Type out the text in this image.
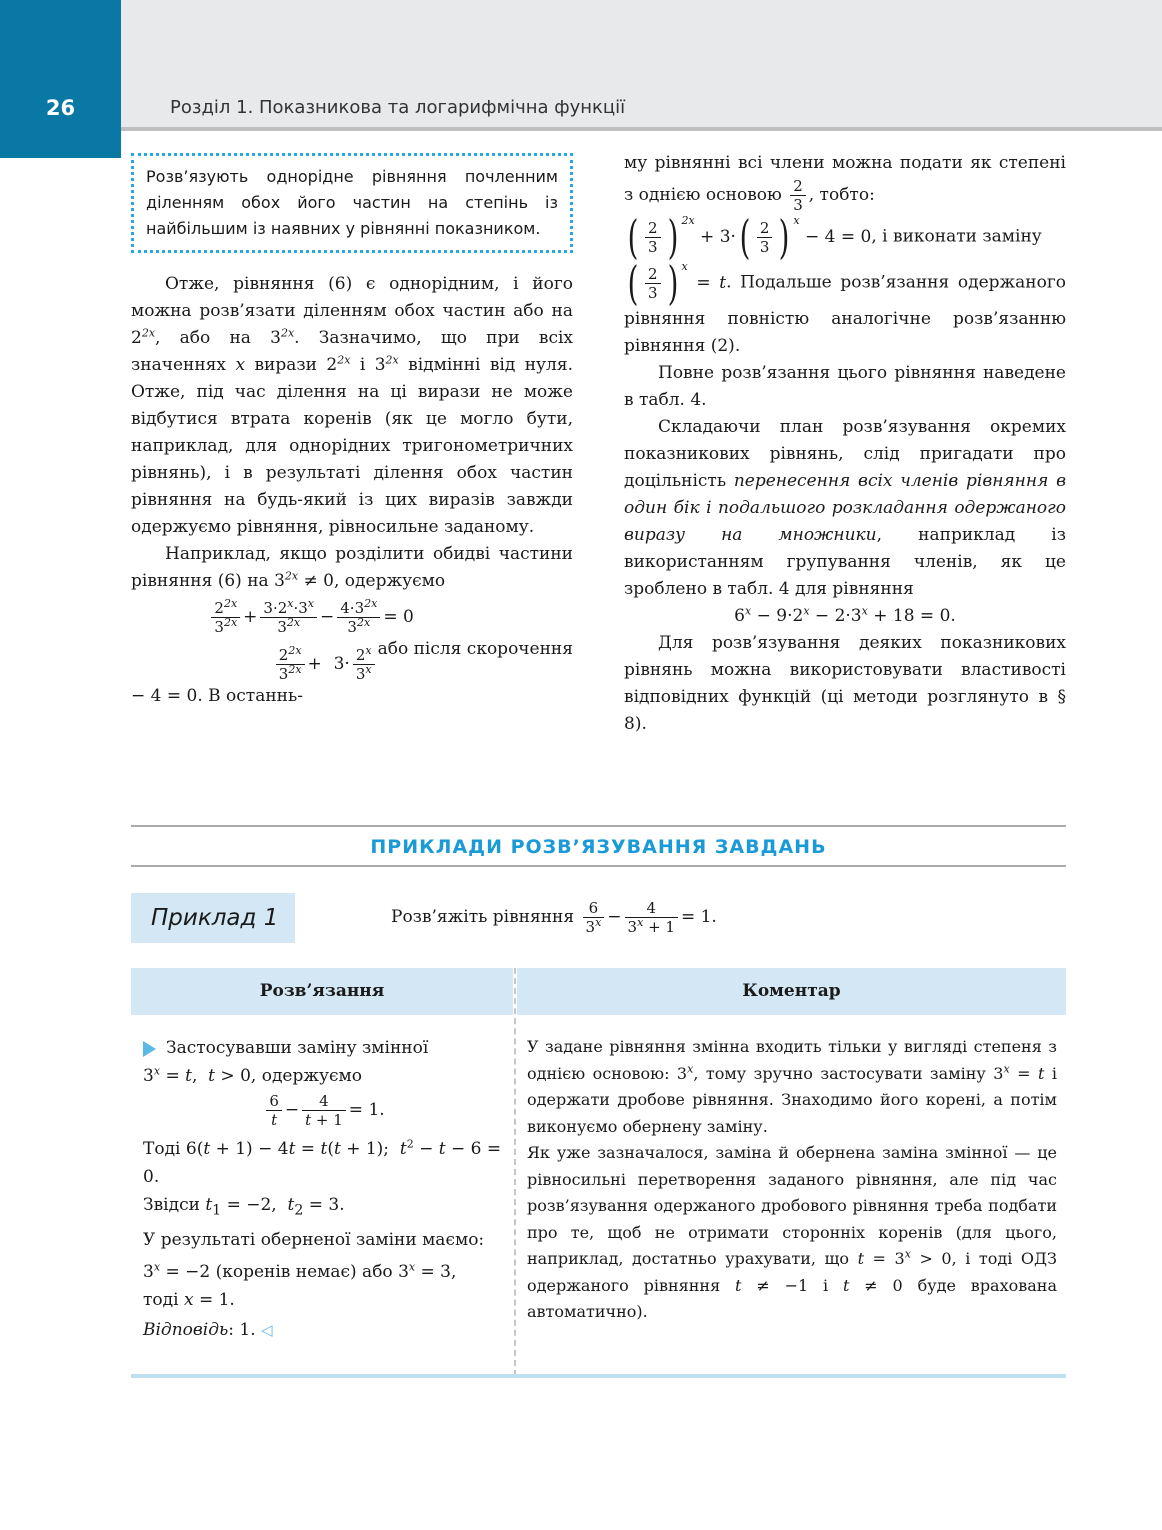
26	Розділ 1. Показникова та логарифмічна функції
Розв’язують однорідне рівняння почленним діленням обох його частин на степінь із найбільшим із наявних у рівнянні показником.

Отже, рівняння (6) є однорідним, і його можна розв’язати діленням обох частин або на $2^{2x}$, або на $3^{2x}$. Зазначимо, що при всіх значеннях x вирази $2^{2x}$ і $3^{2x}$ відмінні від нуля. Отже, під час ділення на ці вирази не може відбутися втрата коренів (як це могло бути, наприклад, для однорідних тригонометричних рівнянь), і в результаті ділення обох частин рівняння на будь-який із цих виразів завжди одержуємо рівняння, рівносильне заданому.

Наприклад, якщо розділити обидві частини рівняння (6) на $3^{2x} \ne 0$, одержуємо

$\frac{2^{2x}}{3^{2x}} + \frac{3\cdot 2^x\cdot 3^x}{3^{2x}} - \frac{4\cdot 3^{2x}}{3^{2x}} = 0$
або після скорочення

$\frac{2^{2x}}{3^{2x}} + 3\cdot \frac{2^x}{3^x}$
− 4 = 0. В останнь-

му рівнянні всі члени можна подати як степені з однією основою $\frac{2}{3}$ , тобто:
( $\frac{2}{3}$ ) $^{2x} + 3\cdot( \frac{2}{3}$ ) $^x$ − 4 = 0, і виконати заміну
( $\frac{2}{3}$ ) $^x$ = t. Подальше розв’язання одержаного рівняння повністю аналогічне розв’язанню рівняння (2).

Повне розв’язання цього рівняння наведене в табл. 4.

Складаючи план розв’язування окремих показникових рівнянь, слід пригадати про доцільність перенесення всіх членів рівняння в один бік і подальшого розкладання одержаного виразу на множники, наприклад із використанням групування членів, як це зроблено в табл. 4 для рівняння

$6^x - 9\cdot 2^x - 2\cdot 3^x + 18 = 0$.

Для розв’язування деяких показникових рівнянь можна використовувати властивості відповідних функцій (ці методи розглянуто в § 8).

ПРИКЛАДИ РОЗВ’ЯЗУВАННЯ ЗАВДАНЬ
Приклад 1	Розв’яжіть рівняння $\frac{6}{3^x} - \frac{4}{3^x + 1} = 1$.
Розв’язання	Коментар

Застосувавши заміну змінної

$3^x = t$,  t > 0, одержуємо

$\frac{6}{t} - \frac{4}{t + 1} = 1$.

Тоді 6(t + 1) − 4t = t(t + 1);  $t^2 - t - 6 = 0$.

Звідси $t_1 = -2$,  $t_2 = 3$.

У результаті оберненої заміни маємо:

$3^x = -2$ (коренів немає) або $3^x = 3$,

тоді x = 1.

Відповідь: 1. ◁

У задане рівняння змінна входить тільки у вигляді степеня з однією основою: 3$^x$, тому зручно застосувати заміну $3^x = t$ і одержати дробове рівняння. Знаходимо його корені, а потім виконуємо обернену заміну.

Як уже зазначалося, заміна й обернена заміна змінної — це рівносильні перетворення заданого рівняння, але під час розв’язування одержаного дробового рівняння треба подбати про те, щоб не отримати сторонніх коренів (для цього, наприклад, достатньо урахувати, що $t = 3^x > 0$, і тоді ОДЗ одержаного рівняння t ≠ −1 і t ≠ 0 буде врахована автоматично).
